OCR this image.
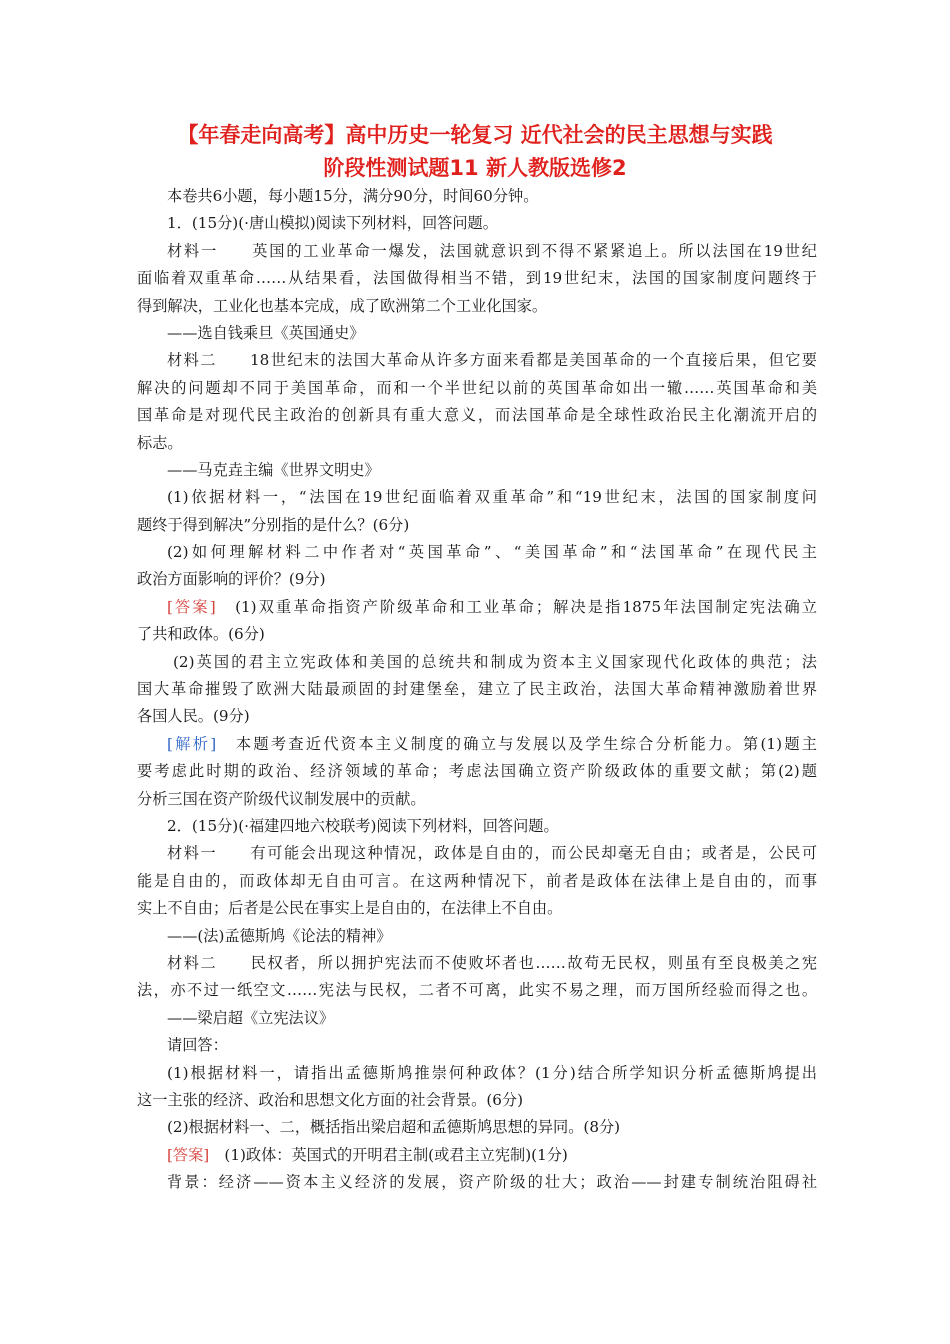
【年春走向高考】高中历史一轮复习 近代社会的民主思想与实践
阶段性测试题11 新人教版选修2
本卷共6小题，每小题15分，满分90分，时间60分钟。
1．(15分)(·唐山模拟)阅读下列材料，回答问题。
材料一　　英国的工业革命一爆发，法国就意识到不得不紧紧追上。所以法国在19世纪
面临着双重革命……从结果看，法国做得相当不错，到19世纪末，法国的国家制度问题终于
得到解决，工业化也基本完成，成了欧洲第二个工业化国家。
——选自钱乘旦《英国通史》
材料二　　18世纪末的法国大革命从许多方面来看都是美国革命的一个直接后果，但它要
解决的问题却不同于美国革命，而和一个半世纪以前的英国革命如出一辙……英国革命和美
国革命是对现代民主政治的创新具有重大意义，而法国革命是全球性政治民主化潮流开启的
标志。
——马克垚主编《世界文明史》
(1)依据材料一，“法国在19世纪面临着双重革命”和“19世纪末，法国的国家制度问
题终于得到解决”分别指的是什么？(6分)
(2)如何理解材料二中作者对“英国革命”、“美国革命”和“法国革命”在现代民主
政治方面影响的评价？(9分)
[答案]　(1)双重革命指资产阶级革命和工业革命；解决是指1875年法国制定宪法确立
了共和政体。(6分)
(2)英国的君主立宪政体和美国的总统共和制成为资本主义国家现代化政体的典范；法
国大革命摧毁了欧洲大陆最顽固的封建堡垒，建立了民主政治，法国大革命精神激励着世界
各国人民。(9分)
[解析]　本题考查近代资本主义制度的确立与发展以及学生综合分析能力。第(1)题主
要考虑此时期的政治、经济领域的革命；考虑法国确立资产阶级政体的重要文献；第(2)题
分析三国在资产阶级代议制发展中的贡献。
2．(15分)(·福建四地六校联考)阅读下列材料，回答问题。
材料一　　有可能会出现这种情况，政体是自由的，而公民却毫无自由；或者是，公民可
能是自由的，而政体却无自由可言。在这两种情况下，前者是政体在法律上是自由的，而事
实上不自由；后者是公民在事实上是自由的，在法律上不自由。
——(法)孟德斯鸠《论法的精神》
材料二　　民权者，所以拥护宪法而不使败坏者也……故苟无民权，则虽有至良极美之宪
法，亦不过一纸空文……宪法与民权，二者不可离，此实不易之理，而万国所经验而得之也。
——梁启超《立宪法议》
请回答：
(1)根据材料一，请指出孟德斯鸠推崇何种政体？(1分)结合所学知识分析孟德斯鸠提出
这一主张的经济、政治和思想文化方面的社会背景。(6分)
(2)根据材料一、二，概括指出梁启超和孟德斯鸠思想的异同。(8分)
[答案]　(1)政体：英国式的开明君主制(或君主立宪制)(1分)
背景：经济——资本主义经济的发展，资产阶级的壮大；政治——封建专制统治阻碍社
